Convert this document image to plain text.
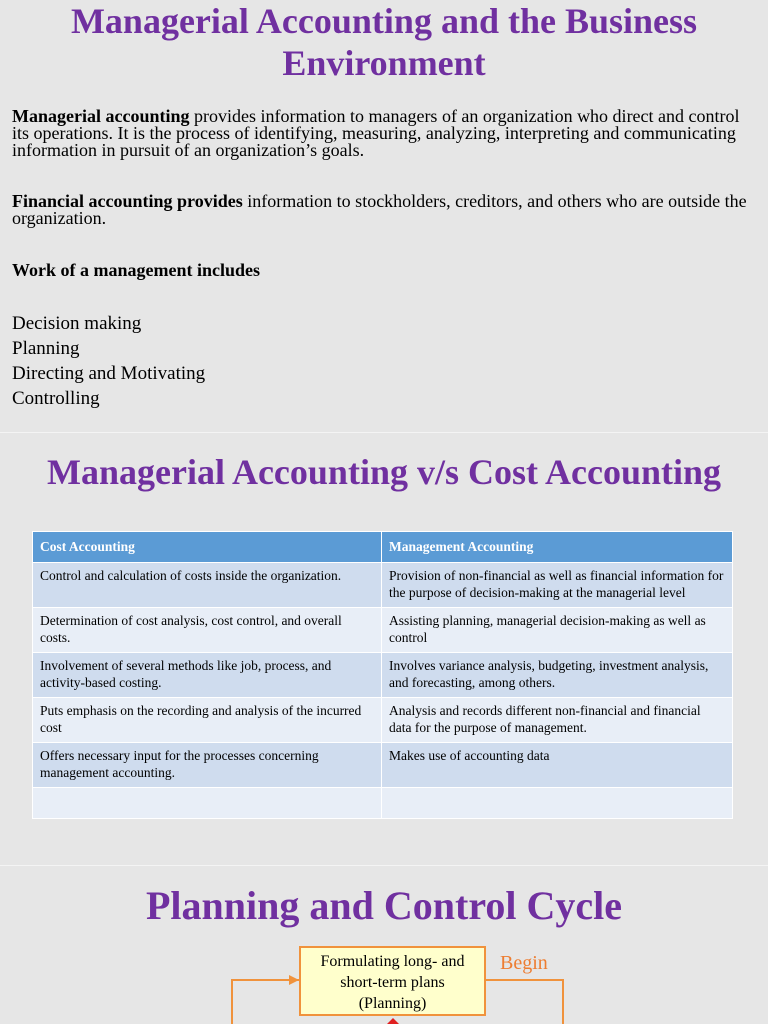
Managerial Accounting and the Business Environment

Managerial accounting provides information to managers of an organization who direct and control its operations. It is the process of identifying, measuring, analyzing, interpreting and communicating information in pursuit of an organization’s goals.

Financial accounting provides information to stockholders, creditors, and others who are outside the organization.

Work of a management includes

Decision making
Planning
Directing and Motivating
Controlling
Managerial Accounting v/s Cost Accounting
Cost Accounting	Management Accounting
Control and calculation of costs inside the organization.	Provision of non-financial as well as financial information for the purpose of decision-making at the managerial level
Determination of cost analysis, cost control, and overall costs.	Assisting planning, managerial decision-making as well as control
Involvement of several methods like job, process, and activity-based costing.	Involves variance analysis, budgeting, investment analysis, and forecasting, among others.
Puts emphasis on the recording and analysis of the incurred cost	Analysis and records different non-financial and financial data for the purpose of management.
Offers necessary input for the processes concerning management accounting.	Makes use of accounting data

Planning and Control Cycle
Formulating long- and
short-term plans
(Planning)
Begin
